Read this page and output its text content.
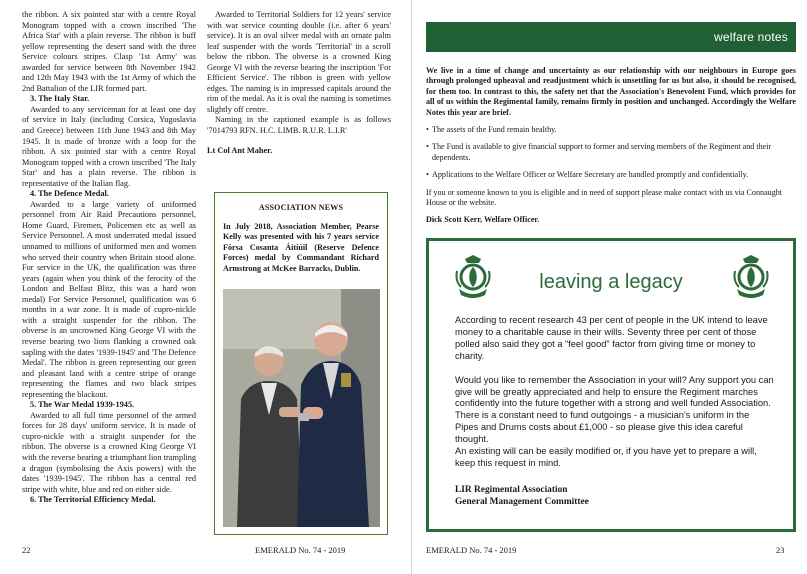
the ribbon. A six pointed star with a centre Royal Monogram topped with a crown inscribed 'The Africa Star' with a plain reverse. The ribbon is buff yellow representing the desert sand with the three Service colours stripes. Clasp '1st Army' was awarded for service between 8th November 1942 and 12th May 1943 with the 1st Army of which the 2nd Battalion of the LIR formed part.

3. The Italy Star.

Awarded to any serviceman for at least one day of service in Italy (including Corsica, Yugoslavia and Greece) between 11th June 1943 and 8th May 1945. It is made of bronze with a loop for the ribbon. A six pointed star with a centre Royal Monogram topped with a crown inscribed 'The Italy Star' and has a plain reverse. The ribbon is representative of the Italian flag.

4. The Defence Medal.

Awarded to a large variety of uniformed personnel from Air Raid Precautions personnel, Home Guard, Firemen, Policemen etc as well as Service Personnel. A most underrated medal issued unnamed to millions of uniformed men and women who served their country when Britain stood alone. For service in the UK, the qualification was three years (again when you think of the ferocity of the London and Belfast Blitz, this was a hard won medal) For Service Personnel, qualification was 6 months in a war zone. It is made of cupro-nickle with a straight suspender for the ribbon. The obverse is an uncrowned King George VI with the reverse bearing two lions flanking a crowned oak sapling with the dates '1939-1945' and 'The Defence Medal'. The ribbon is green representing our green and pleasant land with a centre stripe of orange representing the flames and two black stripes representing the blackout.

5. The War Medal 1939-1945.

Awarded to all full time personnel of the armed forces for 28 days' uniform service. It is made of cupro-nickle with a straight suspender for the ribbon. The obverse is a crowned King George VI with the reverse bearing a triumphant lion trampling a dragon (symbolising the Axis powers) with the dates '1939-1945'. The ribbon has a central red stripe with white, blue and red on either side.

6. The Territorial Efficiency Medal.

Awarded to Territorial Soldiers for 12 years' service with war service counting double (i.e. after 6 years' service). It is an oval silver medal with an ornate palm leaf suspender with the words 'Territorial' in a scroll below the ribbon. The obverse is a crowned King George VI with the reverse bearing the inscription 'For Efficient Service'. The ribbon is green with yellow edges. The naming is in impressed capitals around the rim of the medal. As it is oval the naming is sometimes slightly off centre.

Naming in the captioned example is as follows '7014793 RFN. H.C. LIMB. R.U.R. L.I.R'

Lt Col Ant Maher.

ASSOCIATION NEWS
In July 2018, Association Member, Pearse Kelly was presented with his 7 years service Fórsa Cosanta Áitiúil (Reserve Defence Forces) medal by Commandant Richard Armstrong at McKee Barracks, Dublin.
22	EMERALD No. 74 - 2019
welfare notes

We live in a time of change and uncertainty as our relationship with our neighbours in Europe goes through prolonged upheaval and readjustment which is unsettling for us but also, it should be recognised, for them too. In contrast to this, the safety net that the Association's Benevolent Fund, which provides for all of us within the Regimental family, remains firmly in position and unchanged. Accordingly the Welfare Notes this year are brief.

• The assets of the Fund remain healthy.
• The Fund is available to give financial support to former and serving members of the Regiment and their dependents.
• Applications to the Welfare Officer or Welfare Secretary are handled promptly and confidentially.

If you or someone known to you is eligible and in need of support please make contact with us via Connaught House or the website.

Dick Scott Kerr, Welfare Officer.

leaving a legacy

According to recent research 43 per cent of people in the UK intend to leave money to a charitable cause in their wills. Seventy three per cent of those polled also said they got a “feel good” factor from giving time or money to charity.

Would you like to remember the Association in your will? Any support you can give will be greatly appreciated and help to ensure the Regiment marches confidently into the future together with a strong and well funded Association. There is a constant need to fund outgoings - a musician's uniform in the Pipes and Drums costs about £1,000 - so please give this idea careful thought.

An existing will can be easily modified or, if you have yet to prepare a will, keep this request in mind.

LIR Regimental Association
General Management Committee

EMERALD No. 74 - 2019	23
